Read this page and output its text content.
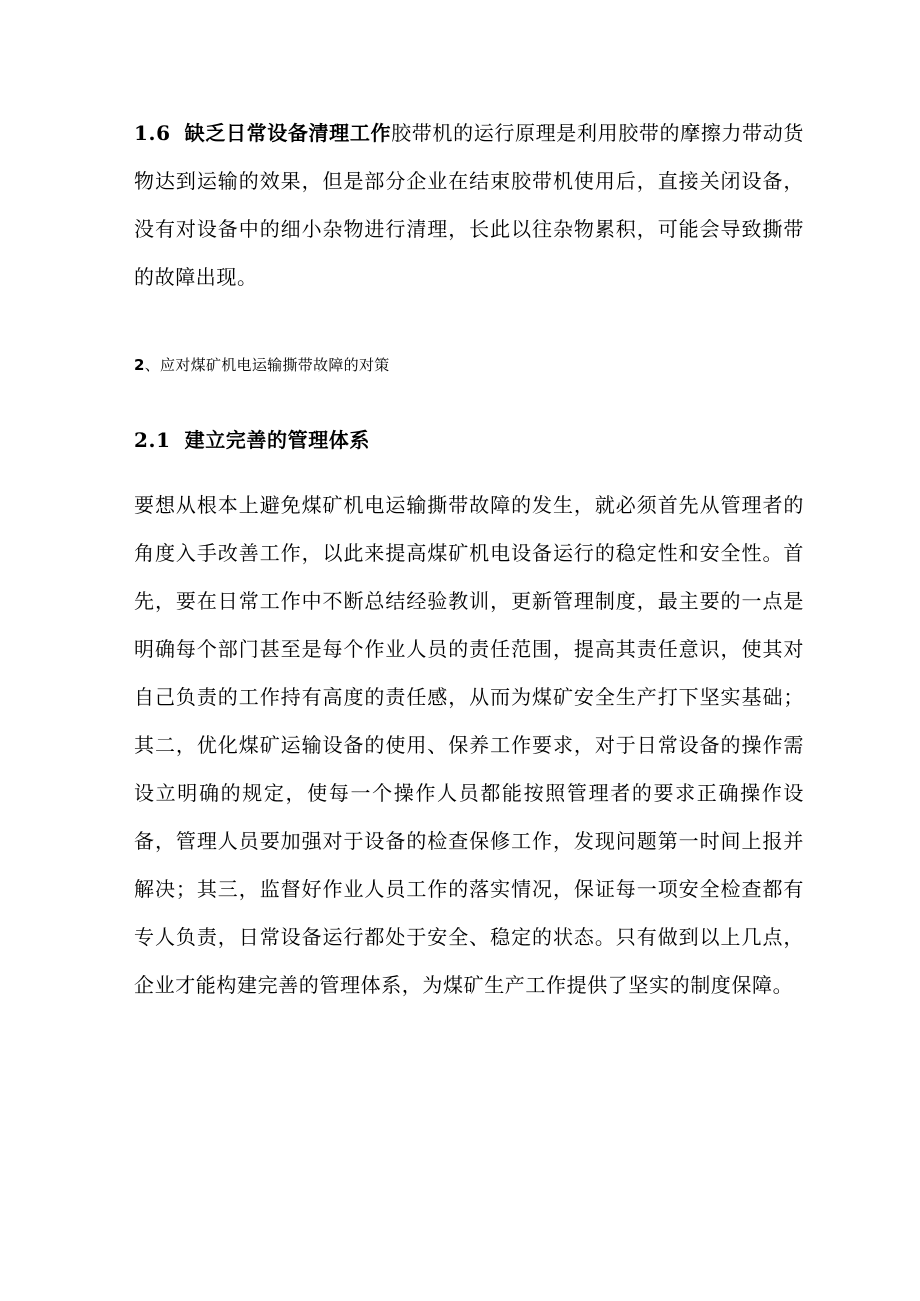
1.6 缺乏日常设备清理工作胶带机的运行原理是利用胶带的摩擦力带动货物达到运输的效果，但是部分企业在结束胶带机使用后，直接关闭设备，没有对设备中的细小杂物进行清理，长此以往杂物累积，可能会导致撕带的故障出现。
2、应对煤矿机电运输撕带故障的对策
2.1 建立完善的管理体系
要想从根本上避免煤矿机电运输撕带故障的发生，就必须首先从管理者的角度入手改善工作，以此来提高煤矿机电设备运行的稳定性和安全性。首先，要在日常工作中不断总结经验教训，更新管理制度，最主要的一点是明确每个部门甚至是每个作业人员的责任范围，提高其责任意识，使其对自己负责的工作持有高度的责任感，从而为煤矿安全生产打下坚实基础；其二，优化煤矿运输设备的使用、保养工作要求，对于日常设备的操作需设立明确的规定，使每一个操作人员都能按照管理者的要求正确操作设备，管理人员要加强对于设备的检查保修工作，发现问题第一时间上报并解决；其三，监督好作业人员工作的落实情况，保证每一项安全检查都有专人负责，日常设备运行都处于安全、稳定的状态。只有做到以上几点，企业才能构建完善的管理体系，为煤矿生产工作提供了坚实的制度保障。
